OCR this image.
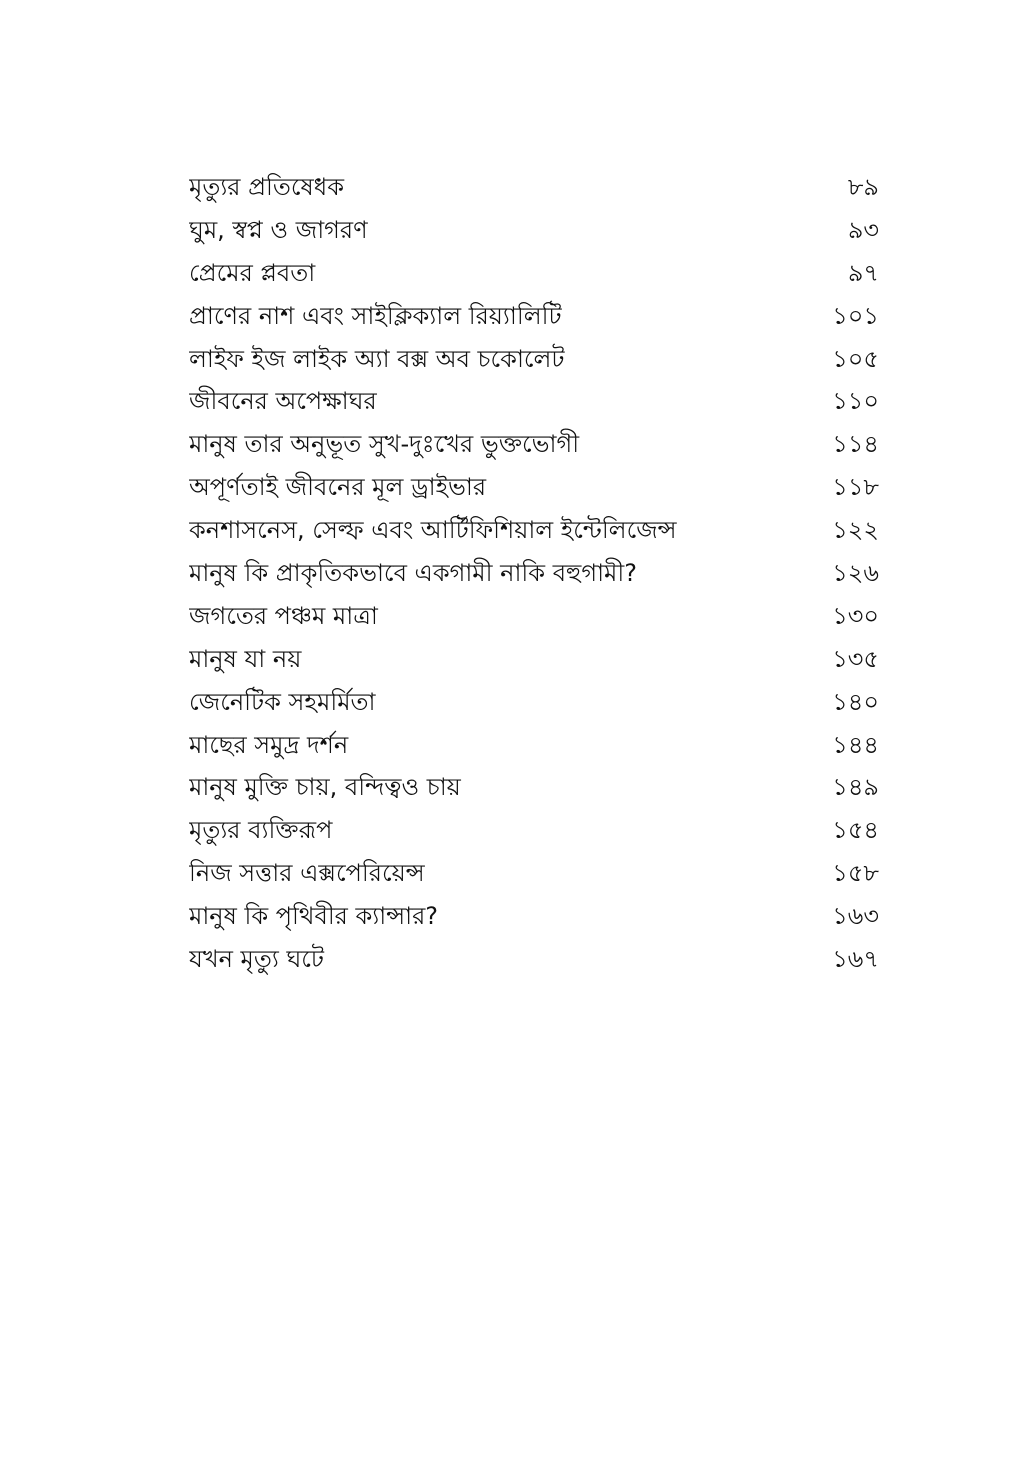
মৃত্যুর প্রতিষেধক	৮৯
ঘুম, স্বপ্ন ও জাগরণ	৯৩
প্রেমের প্লবতা	৯৭
প্রাণের নাশ এবং সাইক্লিক্যাল রিয়্যালিটি	১০১
লাইফ ইজ লাইক অ্যা বক্স অব চকোলেট	১০৫
জীবনের অপেক্ষাঘর	১১০
মানুষ তার অনুভূত সুখ-দুঃখের ভুক্তভোগী	১১৪
অপূর্ণতাই জীবনের মূল ড্রাইভার	১১৮
কনশাসনেস, সেল্ফ এবং আর্টিফিশিয়াল ইন্টেলিজেন্স	১২২
মানুষ কি প্রাকৃতিকভাবে একগামী নাকি বহুগামী?	১২৬
জগতের পঞ্চম মাত্রা	১৩০
মানুষ যা নয়	১৩৫
জেনেটিক সহমর্মিতা	১৪০
মাছের সমুদ্র দর্শন	১৪৪
মানুষ মুক্তি চায়, বন্দিত্বও চায়	১৪৯
মৃত্যুর ব্যক্তিরূপ	১৫৪
নিজ সত্তার এক্সপেরিয়েন্স	১৫৮
মানুষ কি পৃথিবীর ক্যান্সার?	১৬৩
যখন মৃত্যু ঘটে	১৬৭
